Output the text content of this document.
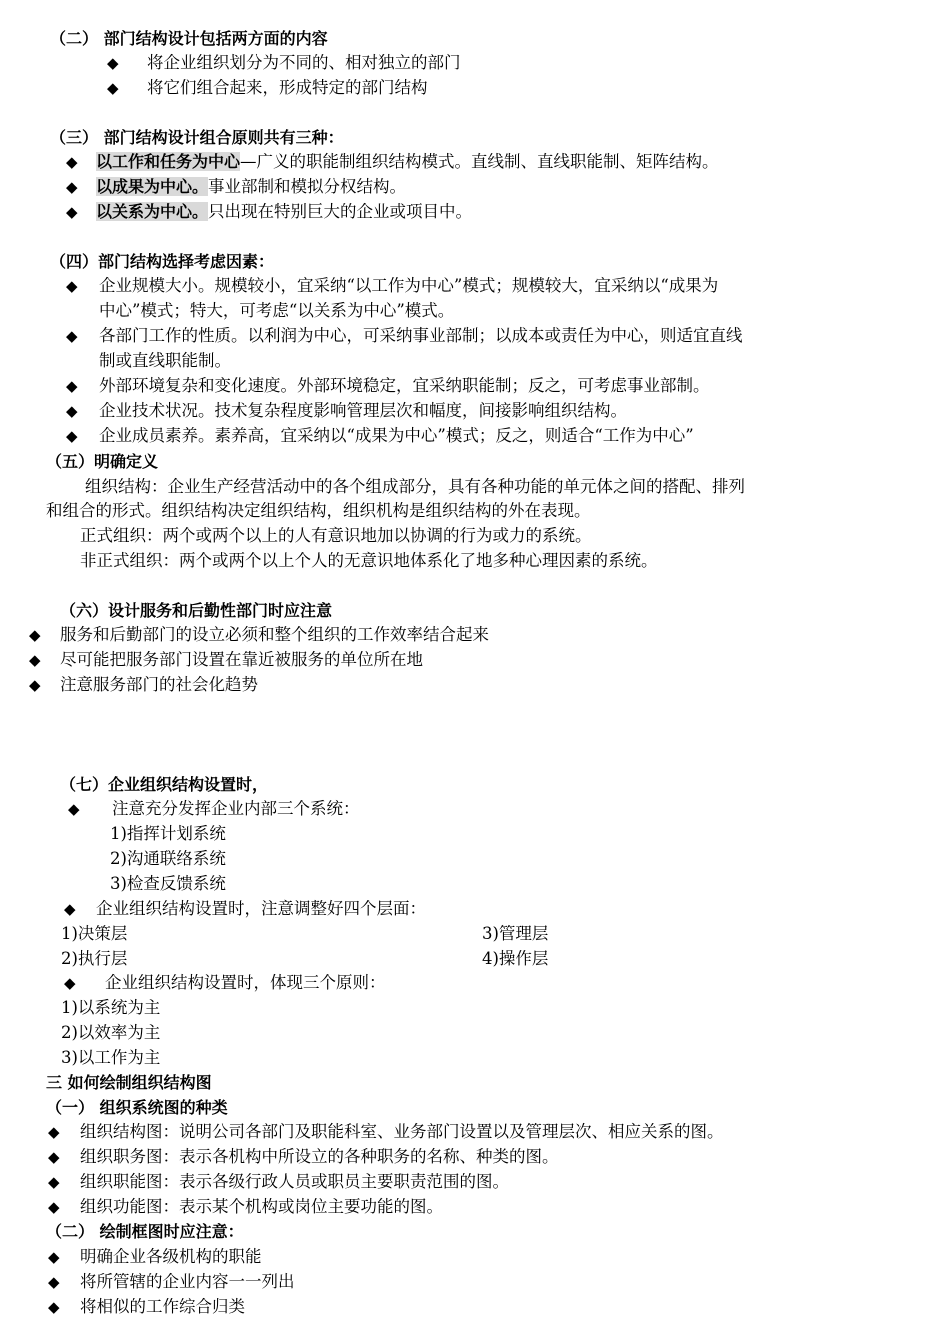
（二） 部门结构设计包括两方面的内容
◆ 将企业组织划分为不同的、相对独立的部门
◆ 将它们组合起来，形成特定的部门结构
（三） 部门结构设计组合原则共有三种：
◆ 以工作和任务为中心—广义的职能制组织结构模式。直线制、直线职能制、矩阵结构。
◆ 以成果为中心。事业部制和模拟分权结构。
◆ 以关系为中心。只出现在特别巨大的企业或项目中。
（四）部门结构选择考虑因素：
◆ 企业规模大小。规模较小，宜采纳“以工作为中心”模式；规模较大，宜采纳以“成果为
中心”模式；特大，可考虑“以关系为中心”模式。
◆ 各部门工作的性质。以利润为中心，可采纳事业部制；以成本或责任为中心，则适宜直线
制或直线职能制。
◆ 外部环境复杂和变化速度。外部环境稳定，宜采纳职能制；反之，可考虑事业部制。
◆ 企业技术状况。技术复杂程度影响管理层次和幅度，间接影响组织结构。
◆ 企业成员素养。素养高，宜采纳以“成果为中心”模式；反之，则适合“工作为中心”
（五）明确定义
组织结构：企业生产经营活动中的各个组成部分，具有各种功能的单元体之间的搭配、排列
和组合的形式。组织结构决定组织结构，组织机构是组织结构的外在表现。
正式组织：两个或两个以上的人有意识地加以协调的行为或力的系统。
非正式组织：两个或两个以上个人的无意识地体系化了地多种心理因素的系统。
（六）设计服务和后勤性部门时应注意
◆ 服务和后勤部门的设立必须和整个组织的工作效率结合起来
◆ 尽可能把服务部门设置在靠近被服务的单位所在地
◆ 注意服务部门的社会化趋势
（七）企业组织结构设置时，
◆ 注意充分发挥企业内部三个系统：
1)指挥计划系统
2)沟通联络系统
3)检查反馈系统
◆ 企业组织结构设置时，注意调整好四个层面：
1)决策层	3)管理层
2)执行层	4)操作层
◆ 企业组织结构设置时，体现三个原则：
1)以系统为主
2)以效率为主
3)以工作为主
三 如何绘制组织结构图
（一） 组织系统图的种类
◆ 组织结构图：说明公司各部门及职能科室、业务部门设置以及管理层次、相应关系的图。
◆ 组织职务图：表示各机构中所设立的各种职务的名称、种类的图。
◆ 组织职能图：表示各级行政人员或职员主要职责范围的图。
◆ 组织功能图：表示某个机构或岗位主要功能的图。
（二） 绘制框图时应注意：
◆ 明确企业各级机构的职能
◆ 将所管辖的企业内容一一列出
◆ 将相似的工作综合归类
